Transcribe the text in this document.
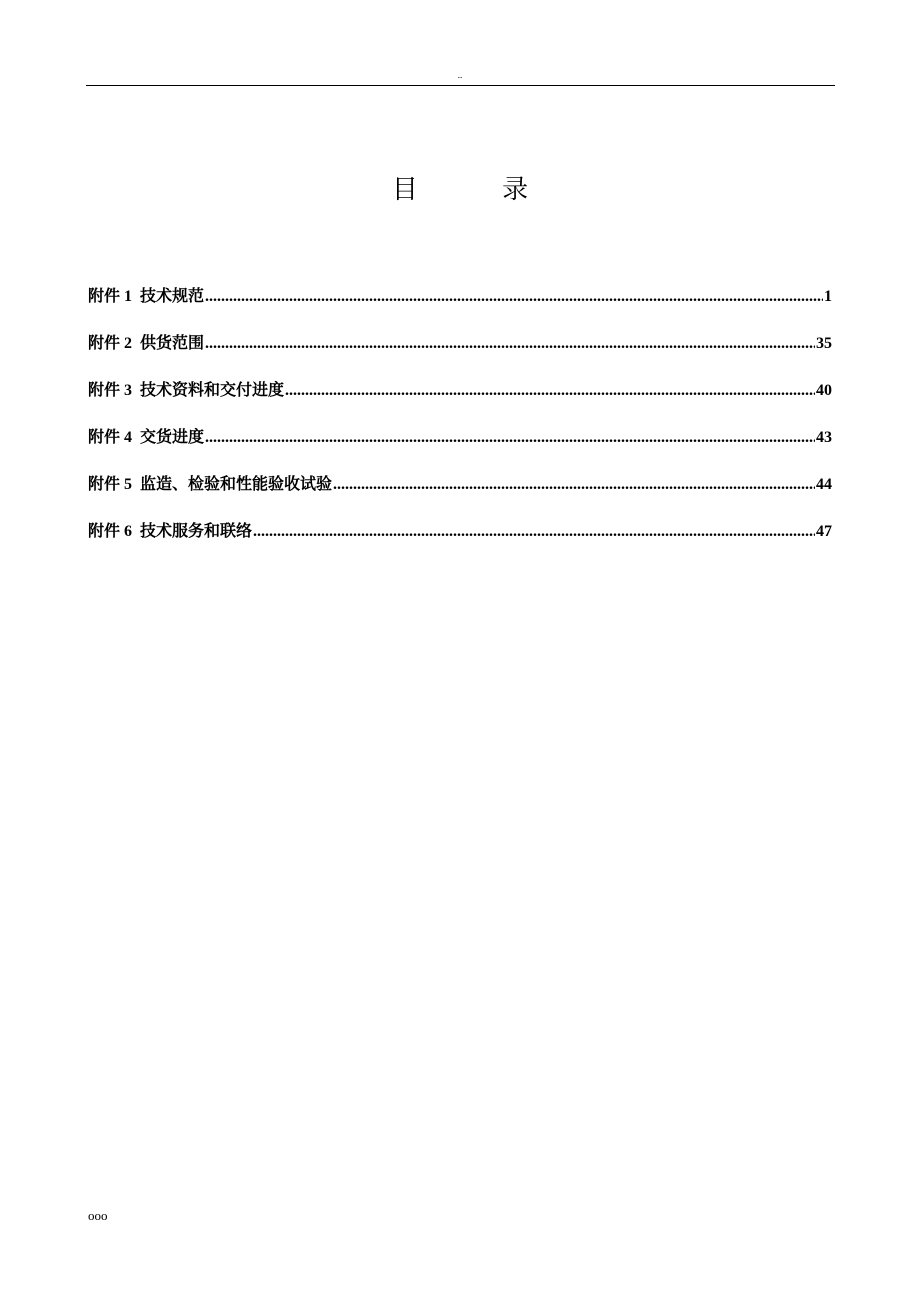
..
目 录
附件 1 技术规范 .....	1
附件 2 供货范围 .....	35
附件 3 技术资料和交付进度 .....	40
附件 4 交货进度 .....	43
附件 5 监造、检验和性能验收试验 .....	44
附件 6 技术服务和联络 .....	47
ooo
